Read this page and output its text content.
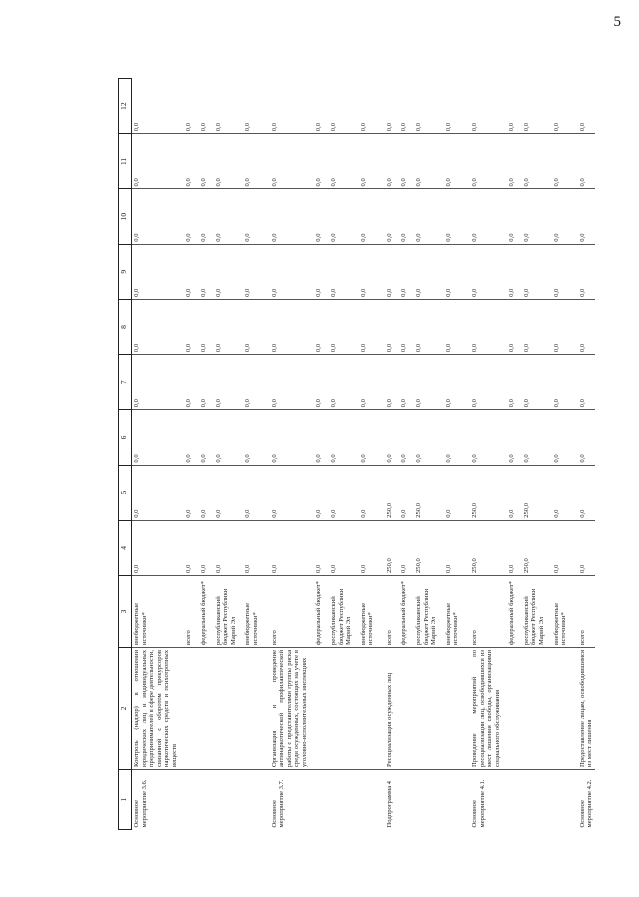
5
1	2	3	4	5	6	7	8	9	10	11	12
Основное мероприятие 3.6.	Контроль (надзор) в отношении юридических лиц и индивидуальных предпринимателей в сфере деятельности, связанной с оборотом прекурсоров наркотических средств и психотропных веществ	внебюджетные источники*	0,0	0,0	0,0	0,0	0,0	0,0	0,0	0,0	0,0
		всего	0,0	0,0	0,0	0,0	0,0	0,0	0,0	0,0	0,0
		федеральный бюджет*	0,0	0,0	0,0	0,0	0,0	0,0	0,0	0,0	0,0
		республиканский бюджет Республики Марий Эл	0,0	0,0	0,0	0,0	0,0	0,0	0,0	0,0	0,0
		внебюджетные источники*	0,0	0,0	0,0	0,0	0,0	0,0	0,0	0,0	0,0
Основное мероприятие 3.7.	Организация и проведение антинаркотической профилактической работы с представителями группы риска среди осужденных, состоящих на учете в уголовно-исполнительных инспекциях	всего	0,0	0,0	0,0	0,0	0,0	0,0	0,0	0,0	0,0
		федеральный бюджет*	0,0	0,0	0,0	0,0	0,0	0,0	0,0	0,0	0,0
		республиканский бюджет Республики Марий Эл	0,0	0,0	0,0	0,0	0,0	0,0	0,0	0,0	0,0
		внебюджетные источники*	0,0	0,0	0,0	0,0	0,0	0,0	0,0	0,0	0,0
Подпрограмма 4	Ресоциализация осужденных лиц	всего	250,0	250,0	0,0	0,0	0,0	0,0	0,0	0,0	0,0
		федеральный бюджет*	0,0	0,0	0,0	0,0	0,0	0,0	0,0	0,0	0,0
		республиканский бюджет Республики Марий Эл	250,0	250,0	0,0	0,0	0,0	0,0	0,0	0,0	0,0
		внебюджетные источники*	0,0	0,0	0,0	0,0	0,0	0,0	0,0	0,0	0,0
Основное мероприятие 4.1.	Проведение мероприятий по ресоциализации лиц, освободившихся из мест лишения свободы, организациями социального обслуживания	всего	250,0	250,0	0,0	0,0	0,0	0,0	0,0	0,0	0,0
		федеральный бюджет*	0,0	0,0	0,0	0,0	0,0	0,0	0,0	0,0	0,0
		республиканский бюджет Республики Марий Эл	250,0	250,0	0,0	0,0	0,0	0,0	0,0	0,0	0,0
		внебюджетные источники*	0,0	0,0	0,0	0,0	0,0	0,0	0,0	0,0	0,0
Основное мероприятие 4.2.	Предоставление лицам, освободившимся из мест лишения	всего	0,0	0,0	0,0	0,0	0,0	0,0	0,0	0,0	0,0
